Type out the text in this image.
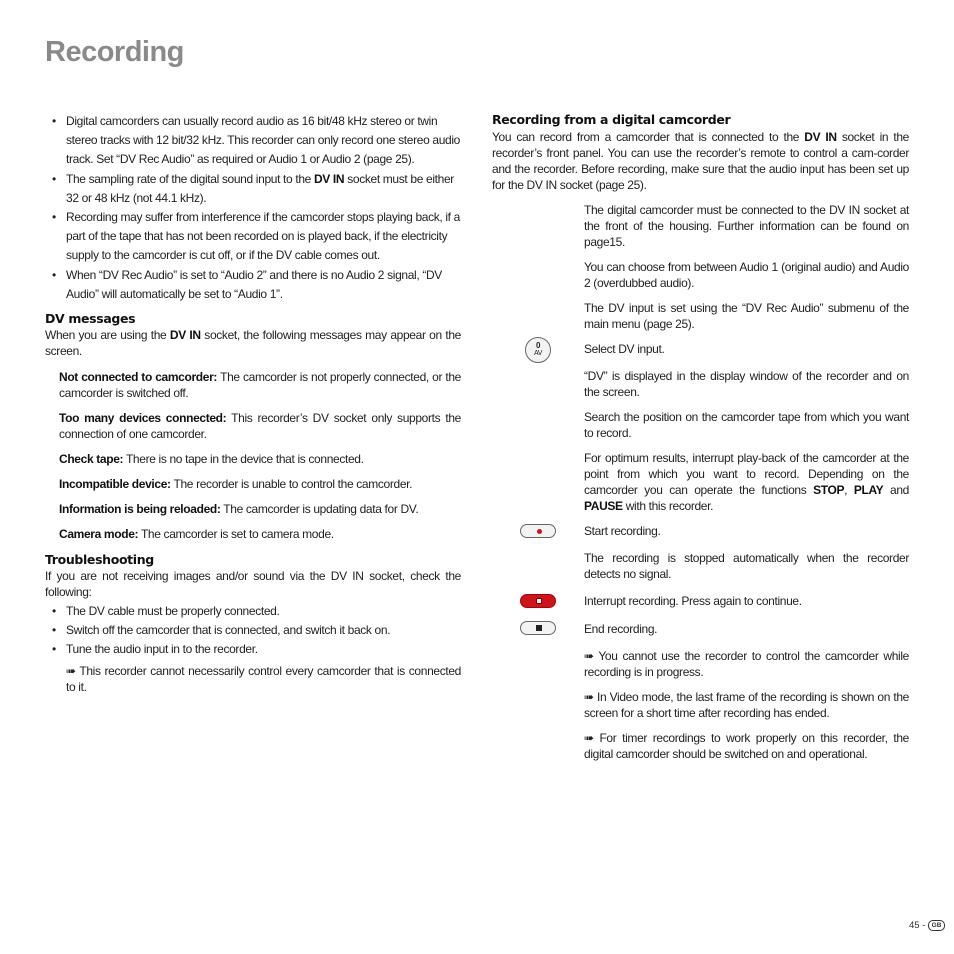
Recording
• Digital camcorders can usually record audio as 16 bit/48 kHz stereo or twin stereo tracks with 12 bit/32 kHz. This recorder can only record one stereo audio track. Set “DV Rec Audio” as required or Audio 1 or Audio 2 (page 25).
• The sampling rate of the digital sound input to the DV IN socket must be either 32 or 48 kHz (not 44.1 kHz).
• Recording may suffer from interference if the camcorder stops playing back, if a part of the tape that has not been recorded on is played back, if the electricity supply to the camcorder is cut off, or if the DV cable comes out.
• When “DV Rec Audio” is set to “Audio 2” and there is no Audio 2 signal, “DV Audio” will automatically be set to “Audio 1”.
DV messages

When you are using the DV IN socket, the following messages may appear on the screen.

Not connected to camcorder: The camcorder is not properly connected, or the camcorder is switched off.

Too many devices connected: This recorder’s DV socket only supports the connection of one camcorder.

Check tape: There is no tape in the device that is connected.

Incompatible device: The recorder is unable to control the camcorder.

Information is being reloaded: The camcorder is updating data for DV.

Camera mode: The camcorder is set to camera mode.

Troubleshooting

If you are not receiving images and/or sound via the DV IN socket, check the following:

• The DV cable must be properly connected.
• Switch off the camcorder that is connected, and switch it back on.
• Tune the audio input in to the recorder.

➠ This recorder cannot necessarily control every camcorder that is connected to it.

Recording from a digital camcorder

You can record from a camcorder that is connected to the DV IN socket in the recorder’s front panel. You can use the recorder’s remote to control a cam-corder and the recorder. Before recording, make sure that the audio input has been set up for the DV IN socket (page 25).

The digital camcorder must be connected to the DV IN socket at the front of the housing. Further information can be found on page15.

You can choose from between Audio 1 (original audio) and Audio 2 (overdubbed audio).

The DV input is set using the “DV Rec Audio” submenu of the main menu (page 25).

0
AV	Select DV input.

“DV” is displayed in the display window of the recorder and on the screen.

Search the position on the camcorder tape from which you want to record.

For optimum results, interrupt play-back of the camcorder at the point from which you want to record. Depending on the camcorder you can operate the functions STOP, PLAY and PAUSE with this recorder.

Start recording.

The recording is stopped automatically when the recorder detects no signal.

Interrupt recording. Press again to continue.

End recording.

➠ You cannot use the recorder to control the camcorder while recording is in progress.

➠ In Video mode, the last frame of the recording is shown on the screen for a short time after recording has ended.

➠ For timer recordings to work properly on this recorder, the digital camcorder should be switched on and operational.

45 - GB
